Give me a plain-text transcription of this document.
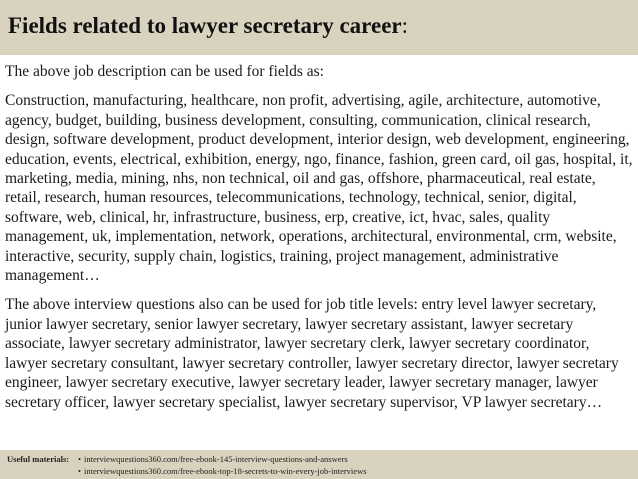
Fields related to lawyer secretary career:

The above job description can be used for fields as:

Construction, manufacturing, healthcare, non profit, advertising, agile, architecture, automotive, agency, budget, building, business development, consulting, communication, clinical research, design, software development, product development, interior design, web development, engineering, education, events, electrical, exhibition, energy, ngo, finance, fashion, green card, oil gas, hospital, it, marketing, media, mining, nhs, non technical, oil and gas, offshore, pharmaceutical, real estate, retail, research, human resources, telecommunications, technology, technical, senior, digital, software, web, clinical, hr, infrastructure, business, erp, creative, ict, hvac, sales, quality management, uk, implementation, network, operations, architectural, environmental, crm, website, interactive, security, supply chain, logistics, training, project management, administrative management…

The above interview questions also can be used for job title levels: entry level lawyer secretary, junior lawyer secretary, senior lawyer secretary, lawyer secretary assistant, lawyer secretary associate, lawyer secretary administrator, lawyer secretary clerk, lawyer secretary coordinator, lawyer secretary consultant, lawyer secretary controller, lawyer secretary director, lawyer secretary engineer, lawyer secretary executive, lawyer secretary leader, lawyer secretary manager, lawyer secretary officer, lawyer secretary specialist, lawyer secretary supervisor, VP lawyer secretary…

Useful materials: • interviewquestions360.com/free-ebook-145-interview-questions-and-answers
• interviewquestions360.com/free-ebook-top-18-secrets-to-win-every-job-interviews
